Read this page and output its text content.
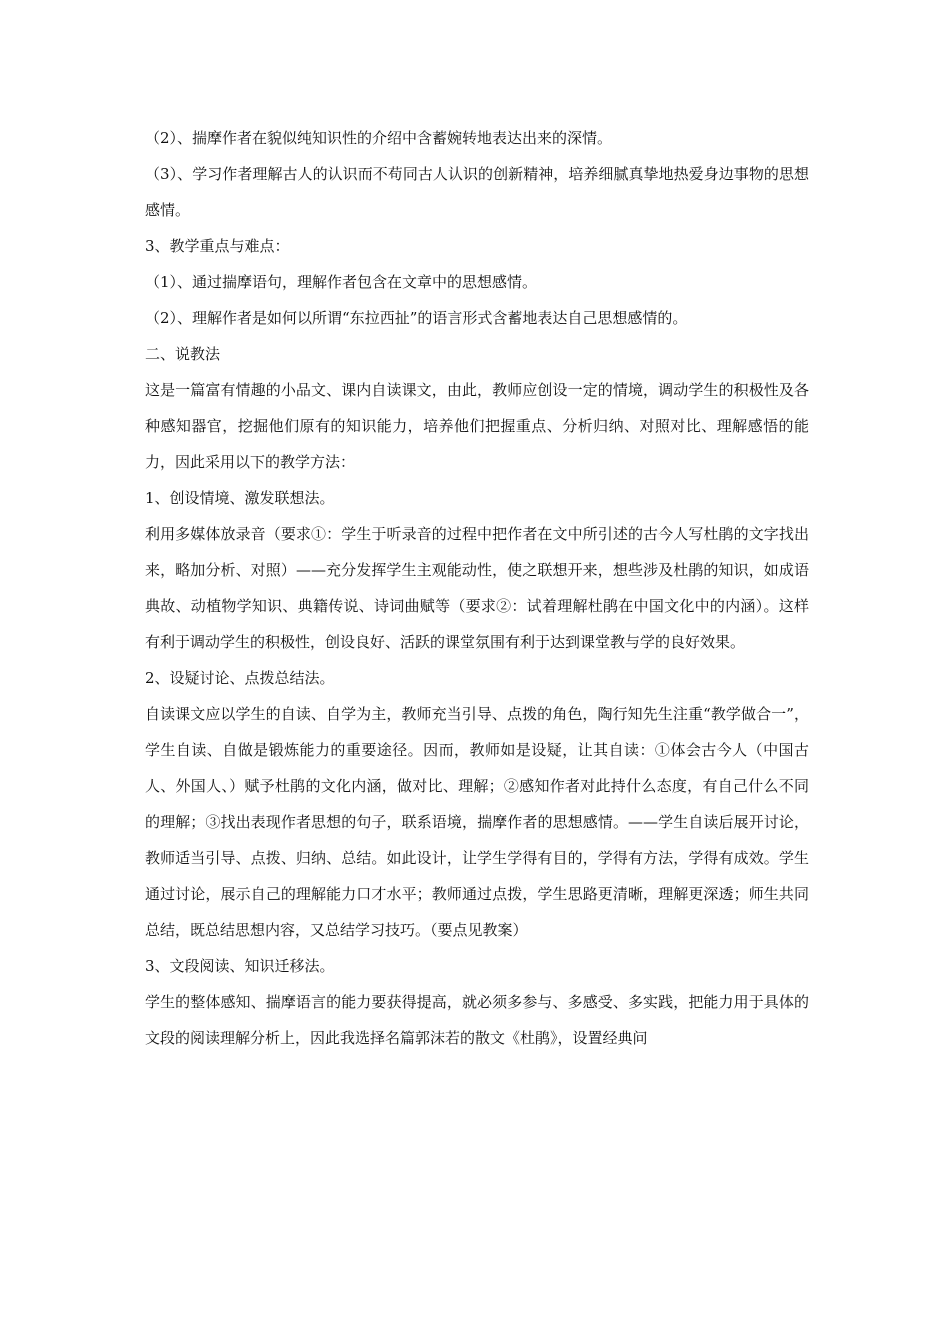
（2）、揣摩作者在貌似纯知识性的介绍中含蓄婉转地表达出来的深情。

（3）、学习作者理解古人的认识而不苟同古人认识的创新精神，培养细腻真挚地热爱身边事物的思想感情。

3、教学重点与难点：

（1）、通过揣摩语句，理解作者包含在文章中的思想感情。

（2）、理解作者是如何以所谓“东拉西扯”的语言形式含蓄地表达自己思想感情的。

二、说教法

这是一篇富有情趣的小品文、课内自读课文，由此，教师应创设一定的情境，调动学生的积极性及各种感知器官，挖掘他们原有的知识能力，培养他们把握重点、分析归纳、对照对比、理解感悟的能力，因此采用以下的教学方法：

1、创设情境、激发联想法。

利用多媒体放录音（要求①：学生于听录音的过程中把作者在文中所引述的古今人写杜鹃的文字找出来，略加分析、对照）——充分发挥学生主观能动性，使之联想开来，想些涉及杜鹃的知识，如成语典故、动植物学知识、典籍传说、诗词曲赋等（要求②：试着理解杜鹃在中国文化中的内涵）。这样有利于调动学生的积极性，创设良好、活跃的课堂氛围有利于达到课堂教与学的良好效果。

2、设疑讨论、点拨总结法。

自读课文应以学生的自读、自学为主，教师充当引导、点拨的角色，陶行知先生注重“教学做合一”，学生自读、自做是锻炼能力的重要途径。因而，教师如是设疑，让其自读：①体会古今人（中国古人、外国人、）赋予杜鹃的文化内涵，做对比、理解；②感知作者对此持什么态度，有自己什么不同的理解；③找出表现作者思想的句子，联系语境，揣摩作者的思想感情。——学生自读后展开讨论，教师适当引导、点拨、归纳、总结。如此设计，让学生学得有目的，学得有方法，学得有成效。学生通过讨论，展示自己的理解能力口才水平；教师通过点拨，学生思路更清晰，理解更深透；师生共同总结，既总结思想内容，又总结学习技巧。（要点见教案）

3、文段阅读、知识迁移法。

学生的整体感知、揣摩语言的能力要获得提高，就必须多参与、多感受、多实践，把能力用于具体的文段的阅读理解分析上，因此我选择名篇郭沫若的散文《杜鹃》，设置经典问
